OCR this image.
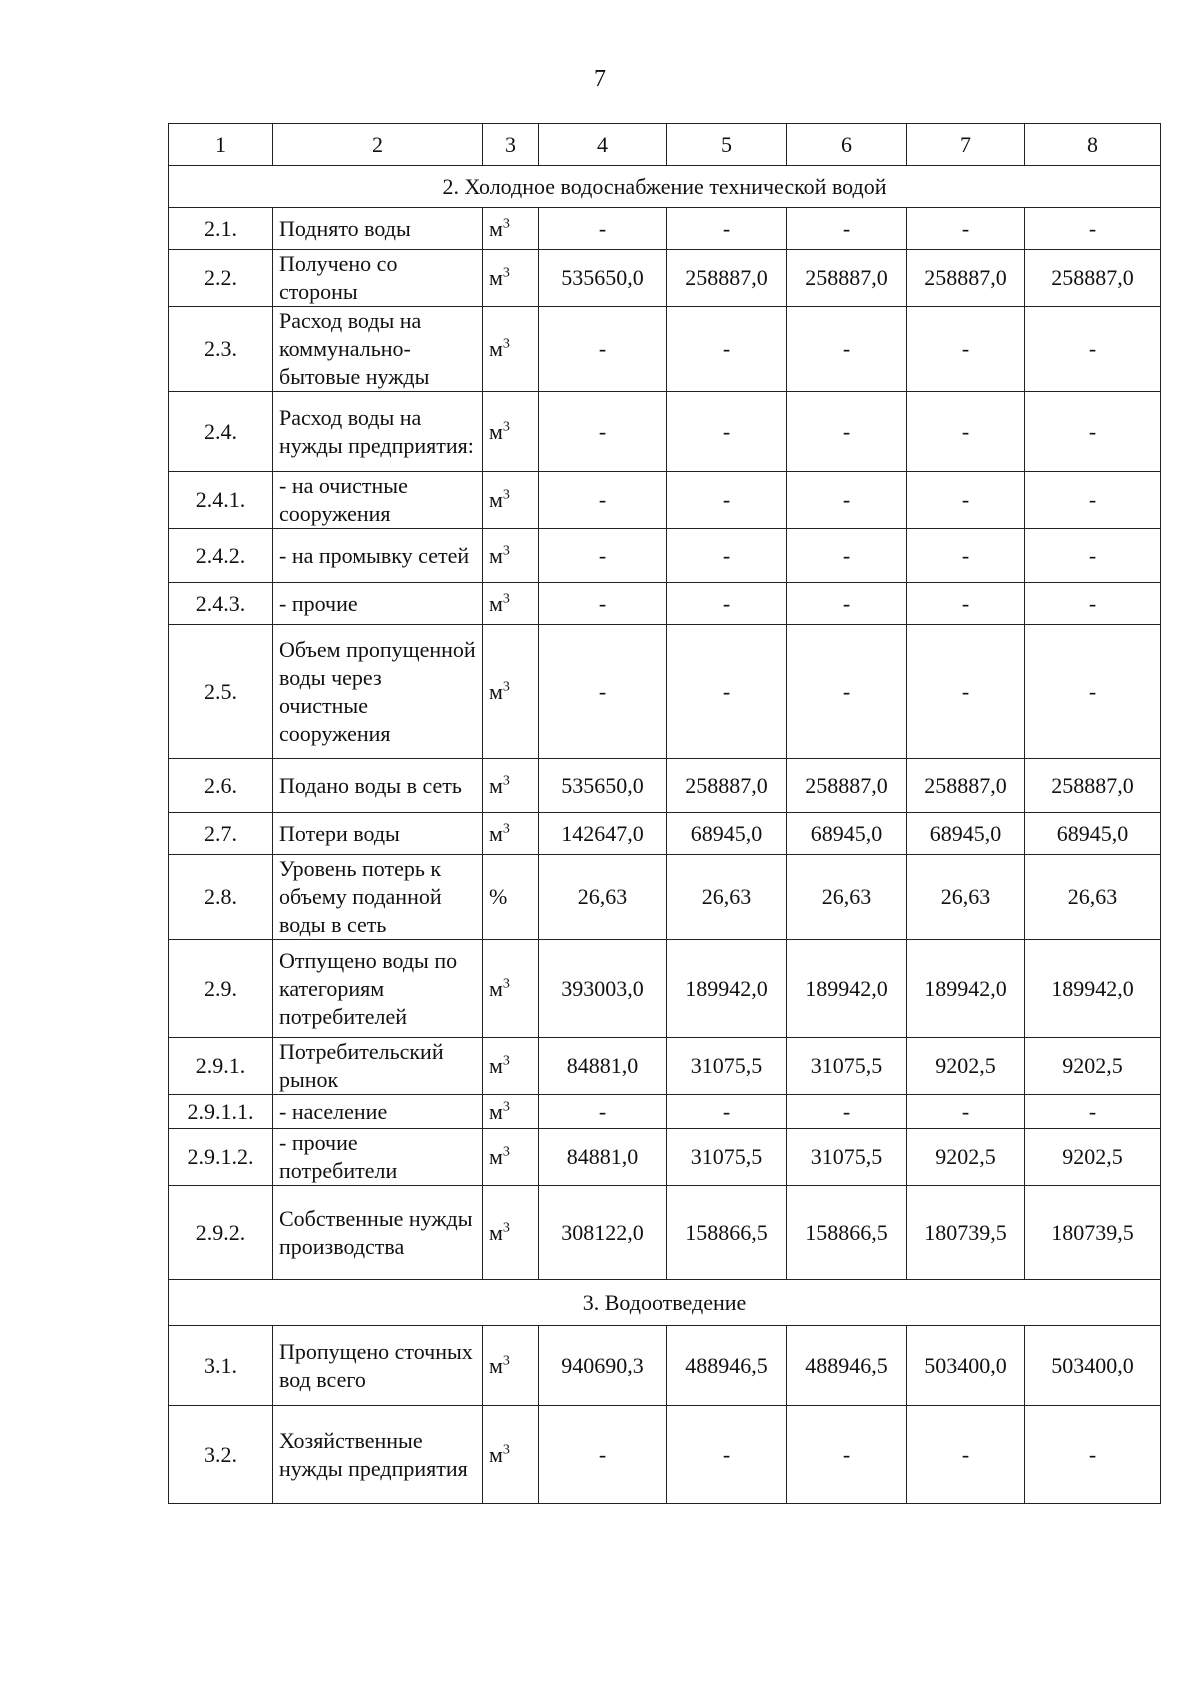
7
1	2	3	4	5	6	7	8
2. Холодное водоснабжение технической водой							
2.1.	Поднято воды	$м^3$	-	-	-	-	-
2.2.	Получено со стороны	$м^3$	535650,0	258887,0	258887,0	258887,0	258887,0
2.3.	Расход воды на коммунально-бытовые нужды	$м^3$	-	-	-	-	-
2.4.	Расход воды на нужды предприятия:	$м^3$	-	-	-	-	-
2.4.1.	- на очистные сооружения	$м^3$	-	-	-	-	-
2.4.2.	- на промывку сетей	$м^3$	-	-	-	-	-
2.4.3.	- прочие	$м^3$	-	-	-	-	-
2.5.	Объем пропущенной воды через очистные сооружения	$м^3$	-	-	-	-	-
2.6.	Подано воды в сеть	$м^3$	535650,0	258887,0	258887,0	258887,0	258887,0
2.7.	Потери воды	$м^3$	142647,0	68945,0	68945,0	68945,0	68945,0
2.8.	Уровень потерь к объему поданной воды в сеть	%	26,63	26,63	26,63	26,63	26,63
2.9.	Отпущено воды по категориям потребителей	$м^3$	393003,0	189942,0	189942,0	189942,0	189942,0
2.9.1.	Потребительский рынок	$м^3$	84881,0	31075,5	31075,5	9202,5	9202,5
2.9.1.1.	- население	$м^3$	-	-	-	-	-
2.9.1.2.	- прочие потребители	$м^3$	84881,0	31075,5	31075,5	9202,5	9202,5
2.9.2.	Собственные нужды производства	$м^3$	308122,0	158866,5	158866,5	180739,5	180739,5
3. Водоотведение							
3.1.	Пропущено сточных вод всего	$м^3$	940690,3	488946,5	488946,5	503400,0	503400,0
3.2.	Хозяйственные нужды предприятия	$м^3$	-	-	-	-	-
